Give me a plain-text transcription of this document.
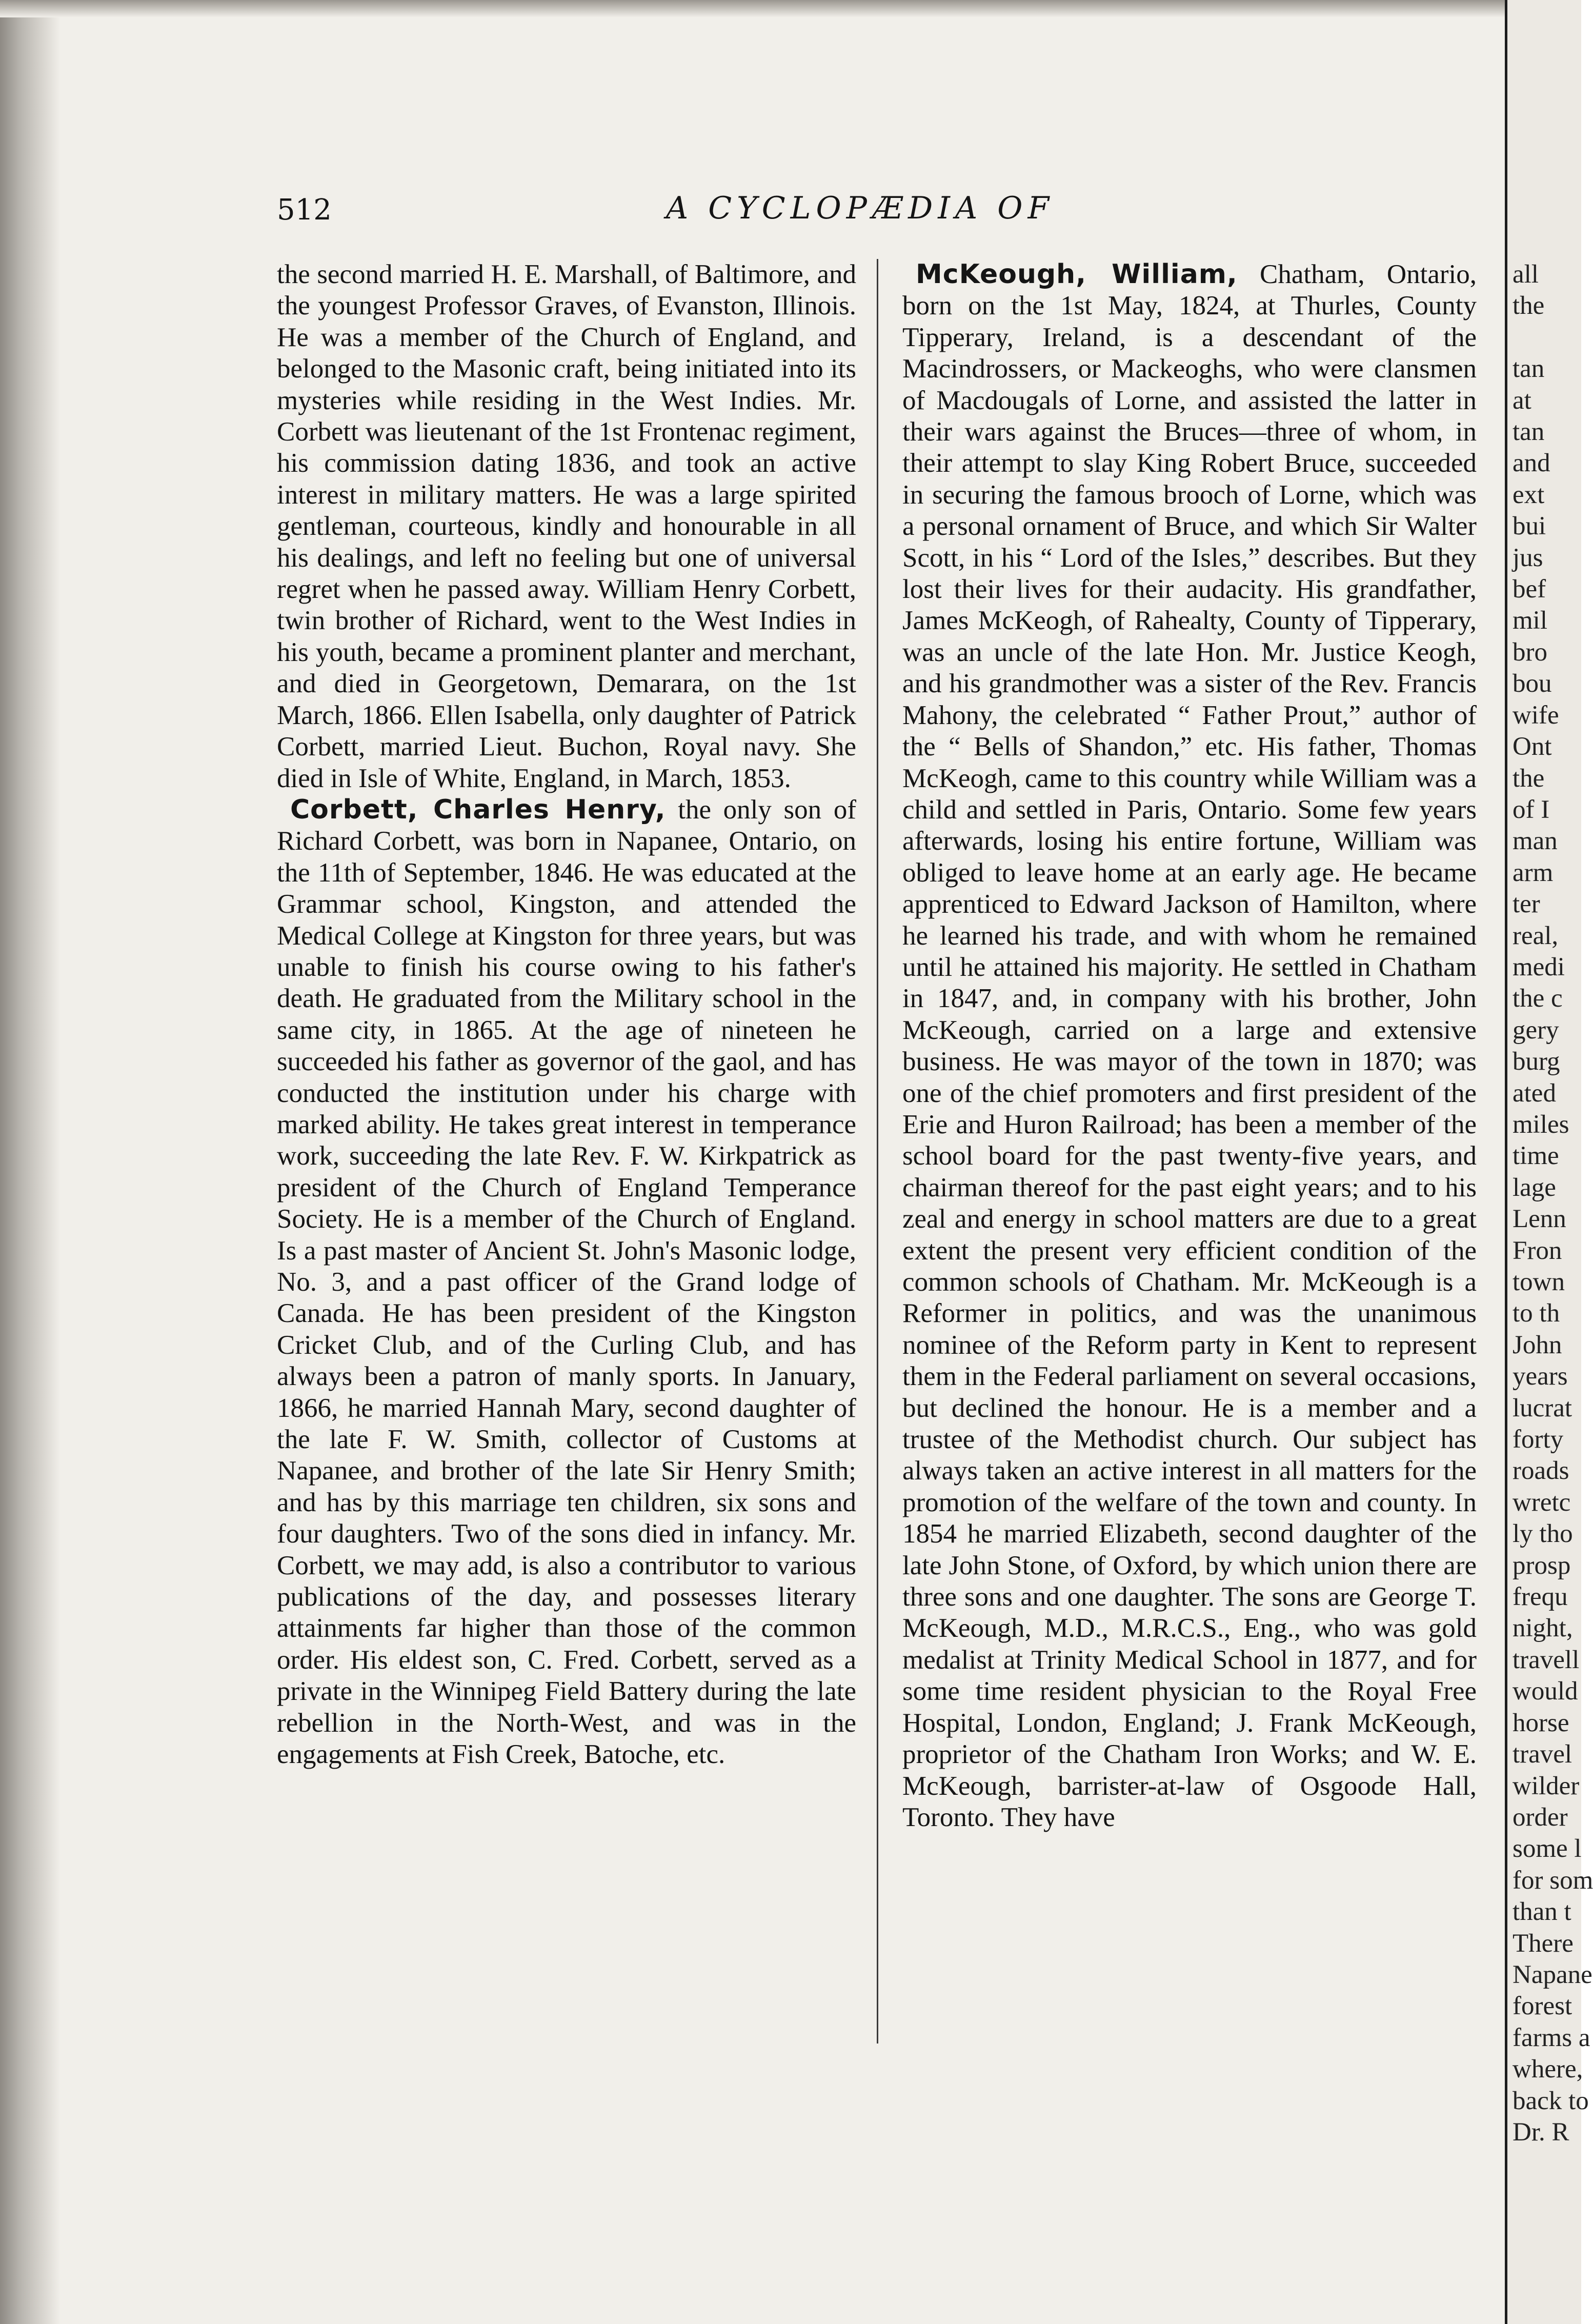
512	A CYCLOPÆDIA OF

the second married H. E. Marshall, of Baltimore, and the youngest Professor Graves, of Evanston, Illinois. He was a member of the Church of England, and belonged to the Masonic craft, being initiated into its mysteries while residing in the West Indies. Mr. Corbett was lieutenant of the 1st Frontenac regiment, his commission dating 1836, and took an active interest in military matters. He was a large spirited gentleman, courteous, kindly and honourable in all his dealings, and left no feeling but one of universal regret when he passed away. William Henry Corbett, twin brother of Richard, went to the West Indies in his youth, became a prominent planter and merchant, and died in Georgetown, Demarara, on the 1st March, 1866. Ellen Isabella, only daughter of Patrick Corbett, married Lieut. Buchon, Royal navy. She died in Isle of White, England, in March, 1853.

Corbett, Charles Henry, the only son of Richard Corbett, was born in Napanee, Ontario, on the 11th of September, 1846. He was educated at the Grammar school, Kingston, and attended the Medical College at Kingston for three years, but was unable to finish his course owing to his father's death. He graduated from the Military school in the same city, in 1865. At the age of nineteen he succeeded his father as governor of the gaol, and has conducted the institution under his charge with marked ability. He takes great interest in temperance work, succeeding the late Rev. F. W. Kirkpatrick as president of the Church of England Temperance Society. He is a member of the Church of England. Is a past master of Ancient St. John's Masonic lodge, No. 3, and a past officer of the Grand lodge of Canada. He has been president of the Kingston Cricket Club, and of the Curling Club, and has always been a patron of manly sports. In January, 1866, he married Hannah Mary, second daughter of the late F. W. Smith, collector of Customs at Napanee, and brother of the late Sir Henry Smith; and has by this marriage ten children, six sons and four daughters. Two of the sons died in infancy. Mr. Corbett, we may add, is also a contributor to various publications of the day, and possesses literary attainments far higher than those of the common order. His eldest son, C. Fred. Corbett, served as a private in the Winnipeg Field Battery during the late rebellion in the North-West, and was in the engagements at Fish Creek, Batoche, etc.

McKeough, William, Chatham, Ontario, born on the 1st May, 1824, at Thurles, County Tipperary, Ireland, is a descendant of the Macindrossers, or Mackeoghs, who were clansmen of Macdougals of Lorne, and assisted the latter in their wars against the Bruces—three of whom, in their attempt to slay King Robert Bruce, succeeded in securing the famous brooch of Lorne, which was a personal ornament of Bruce, and which Sir Walter Scott, in his “ Lord of the Isles,” describes. But they lost their lives for their audacity. His grandfather, James McKeogh, of Rahealty, County of Tipperary, was an uncle of the late Hon. Mr. Justice Keogh, and his grandmother was a sister of the Rev. Francis Mahony, the celebrated “ Father Prout,” author of the “ Bells of Shandon,” etc. His father, Thomas McKeogh, came to this country while William was a child and settled in Paris, Ontario. Some few years afterwards, losing his entire fortune, William was obliged to leave home at an early age. He became apprenticed to Edward Jackson of Hamilton, where he learned his trade, and with whom he remained until he attained his majority. He settled in Chatham in 1847, and, in company with his brother, John McKeough, carried on a large and extensive business. He was mayor of the town in 1870; was one of the chief promoters and first president of the Erie and Huron Railroad; has been a member of the school board for the past twenty-five years, and chairman thereof for the past eight years; and to his zeal and energy in school matters are due to a great extent the present very efficient condition of the common schools of Chatham. Mr. McKeough is a Reformer in politics, and was the unanimous nominee of the Reform party in Kent to represent them in the Federal parliament on several occasions, but declined the honour. He is a member and a trustee of the Methodist church. Our subject has always taken an active interest in all matters for the promotion of the welfare of the town and county. In 1854 he married Elizabeth, second daughter of the late John Stone, of Oxford, by which union there are three sons and one daughter. The sons are George T. McKeough, M.D., M.R.C.S., Eng., who was gold medalist at Trinity Medical School in 1877, and for some time resident physician to the Royal Free Hospital, London, England; J. Frank McKeough, proprietor of the Chatham Iron Works; and W. E. McKeough, barrister-at-law of Osgoode Hall, Toronto. They have

all
the

tan
at
tan
and
ext
bui
jus
bef
mil
bro
bou
wife
Ont
the
of I
man
arm
ter
real,
medi
the c
gery
burg
ated
miles
time
lage
Lenn
Fron
town
to th
John
years
lucrat
forty
roads
wretc
ly tho
prosp
frequ
night,
travell
would
horse
travel
wilder
order
some l
for som
than t
There
Napane
forest
farms a
where,
back to
Dr. R
